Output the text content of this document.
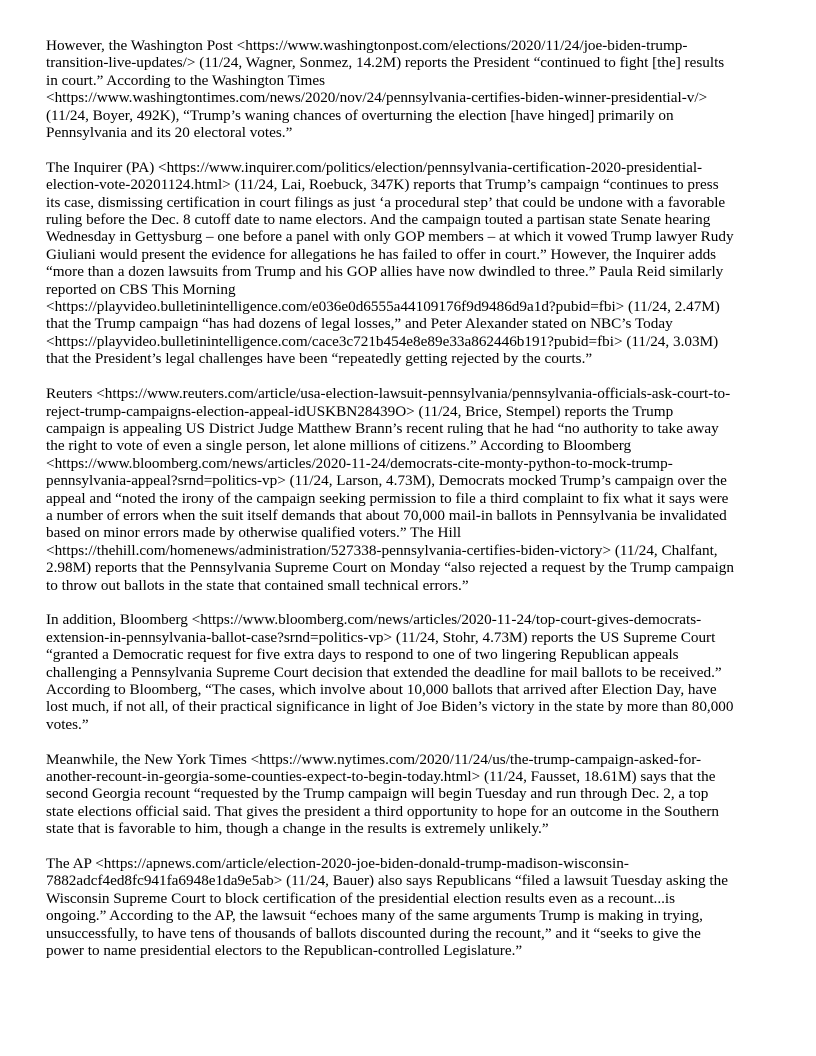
However, the Washington Post <https://www.washingtonpost.com/elections/2020/11/24/joe-biden-trump-
transition-live-updates/> (11/24, Wagner, Sonmez, 14.2M) reports the President “continued to fight [the] results
in court.” According to the Washington Times
<https://www.washingtontimes.com/news/2020/nov/24/pennsylvania-certifies-biden-winner-presidential-v/>
(11/24, Boyer, 492K), “Trump’s waning chances of overturning the election [have hinged] primarily on
Pennsylvania and its 20 electoral votes.”

The Inquirer (PA) <https://www.inquirer.com/politics/election/pennsylvania-certification-2020-presidential-
election-vote-20201124.html> (11/24, Lai, Roebuck, 347K) reports that Trump’s campaign “continues to press
its case, dismissing certification in court filings as just ‘a procedural step’ that could be undone with a favorable
ruling before the Dec. 8 cutoff date to name electors. And the campaign touted a partisan state Senate hearing
Wednesday in Gettysburg – one before a panel with only GOP members – at which it vowed Trump lawyer Rudy
Giuliani would present the evidence for allegations he has failed to offer in court.” However, the Inquirer adds
“more than a dozen lawsuits from Trump and his GOP allies have now dwindled to three.” Paula Reid similarly
reported on CBS This Morning
<https://playvideo.bulletinintelligence.com/e036e0d6555a44109176f9d9486d9a1d?pubid=fbi> (11/24, 2.47M)
that the Trump campaign “has had dozens of legal losses,” and Peter Alexander stated on NBC’s Today
<https://playvideo.bulletinintelligence.com/cace3c721b454e8e89e33a862446b191?pubid=fbi> (11/24, 3.03M)
that the President’s legal challenges have been “repeatedly getting rejected by the courts.”

Reuters <https://www.reuters.com/article/usa-election-lawsuit-pennsylvania/pennsylvania-officials-ask-court-to-
reject-trump-campaigns-election-appeal-idUSKBN28439O> (11/24, Brice, Stempel) reports the Trump
campaign is appealing US District Judge Matthew Brann’s recent ruling that he had “no authority to take away
the right to vote of even a single person, let alone millions of citizens.” According to Bloomberg
<https://www.bloomberg.com/news/articles/2020-11-24/democrats-cite-monty-python-to-mock-trump-
pennsylvania-appeal?srnd=politics-vp> (11/24, Larson, 4.73M), Democrats mocked Trump’s campaign over the
appeal and “noted the irony of the campaign seeking permission to file a third complaint to fix what it says were
a number of errors when the suit itself demands that about 70,000 mail-in ballots in Pennsylvania be invalidated
based on minor errors made by otherwise qualified voters.” The Hill
<https://thehill.com/homenews/administration/527338-pennsylvania-certifies-biden-victory> (11/24, Chalfant,
2.98M) reports that the Pennsylvania Supreme Court on Monday “also rejected a request by the Trump campaign
to throw out ballots in the state that contained small technical errors.”

In addition, Bloomberg <https://www.bloomberg.com/news/articles/2020-11-24/top-court-gives-democrats-
extension-in-pennsylvania-ballot-case?srnd=politics-vp> (11/24, Stohr, 4.73M) reports the US Supreme Court
“granted a Democratic request for five extra days to respond to one of two lingering Republican appeals
challenging a Pennsylvania Supreme Court decision that extended the deadline for mail ballots to be received.”
According to Bloomberg, “The cases, which involve about 10,000 ballots that arrived after Election Day, have
lost much, if not all, of their practical significance in light of Joe Biden’s victory in the state by more than 80,000
votes.”

Meanwhile, the New York Times <https://www.nytimes.com/2020/11/24/us/the-trump-campaign-asked-for-
another-recount-in-georgia-some-counties-expect-to-begin-today.html> (11/24, Fausset, 18.61M) says that the
second Georgia recount “requested by the Trump campaign will begin Tuesday and run through Dec. 2, a top
state elections official said. That gives the president a third opportunity to hope for an outcome in the Southern
state that is favorable to him, though a change in the results is extremely unlikely.”

The AP <https://apnews.com/article/election-2020-joe-biden-donald-trump-madison-wisconsin-
7882adcf4ed8fc941fa6948e1da9e5ab> (11/24, Bauer) also says Republicans “filed a lawsuit Tuesday asking the
Wisconsin Supreme Court to block certification of the presidential election results even as a recount...is
ongoing.” According to the AP, the lawsuit “echoes many of the same arguments Trump is making in trying,
unsuccessfully, to have tens of thousands of ballots discounted during the recount,” and it “seeks to give the
power to name presidential electors to the Republican-controlled Legislature.”
